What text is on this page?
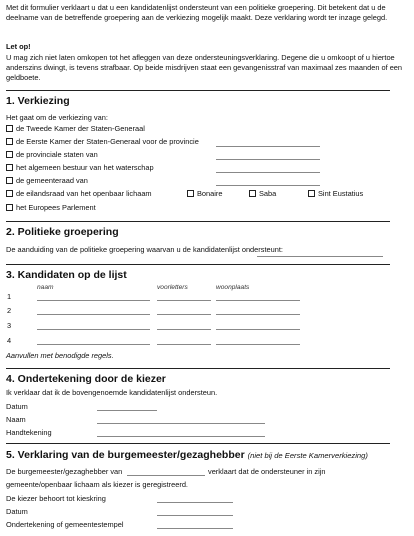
Met dit formulier verklaart u dat u een kandidatenlijst ondersteunt van een politieke groepering. Dit betekent dat u de deelname van de betreffende groepering aan de verkiezing mogelijk maakt. Deze verklaring wordt ter inzage gelegd.

Let op!

U mag zich niet laten omkopen tot het afleggen van deze ondersteuningsverklaring. Degene die u omkoopt of u hiertoe anderszins dwingt, is tevens strafbaar. Op beide misdrijven staat een gevangenisstraf van maximaal zes maanden of een geldboete.

1. Verkiezing
Het gaat om de verkiezing van:
de Tweede Kamer der Staten-Generaal
de Eerste Kamer der Staten-Generaal voor de provincie
de provinciale staten van
het algemeen bestuur van het waterschap
de gemeenteraad van
de eilandsraad van het openbaar lichaam	Bonaire	Saba	Sint Eustatius
het Europees Parlement
2. Politieke groepering
De aanduiding van de politieke groepering waarvan u de kandidatenlijst ondersteunt:
3. Kandidaten op de lijst
naam	voorletters	woonplaats
1
2
3
4
Aanvullen met benodigde regels.
4. Ondertekening door de kiezer
Ik verklaar dat ik de bovengenoemde kandidatenlijst ondersteun.
Datum
Naam
Handtekening
5. Verklaring van de burgemeester/gezaghebber (niet bij de Eerste Kamerverkiezing)
De burgemeester/gezaghebber van	verklaart dat de ondersteuner in zijn
gemeente/openbaar lichaam als kiezer is geregistreerd.
De kiezer behoort tot kieskring
Datum
Ondertekening of gemeentestempel
